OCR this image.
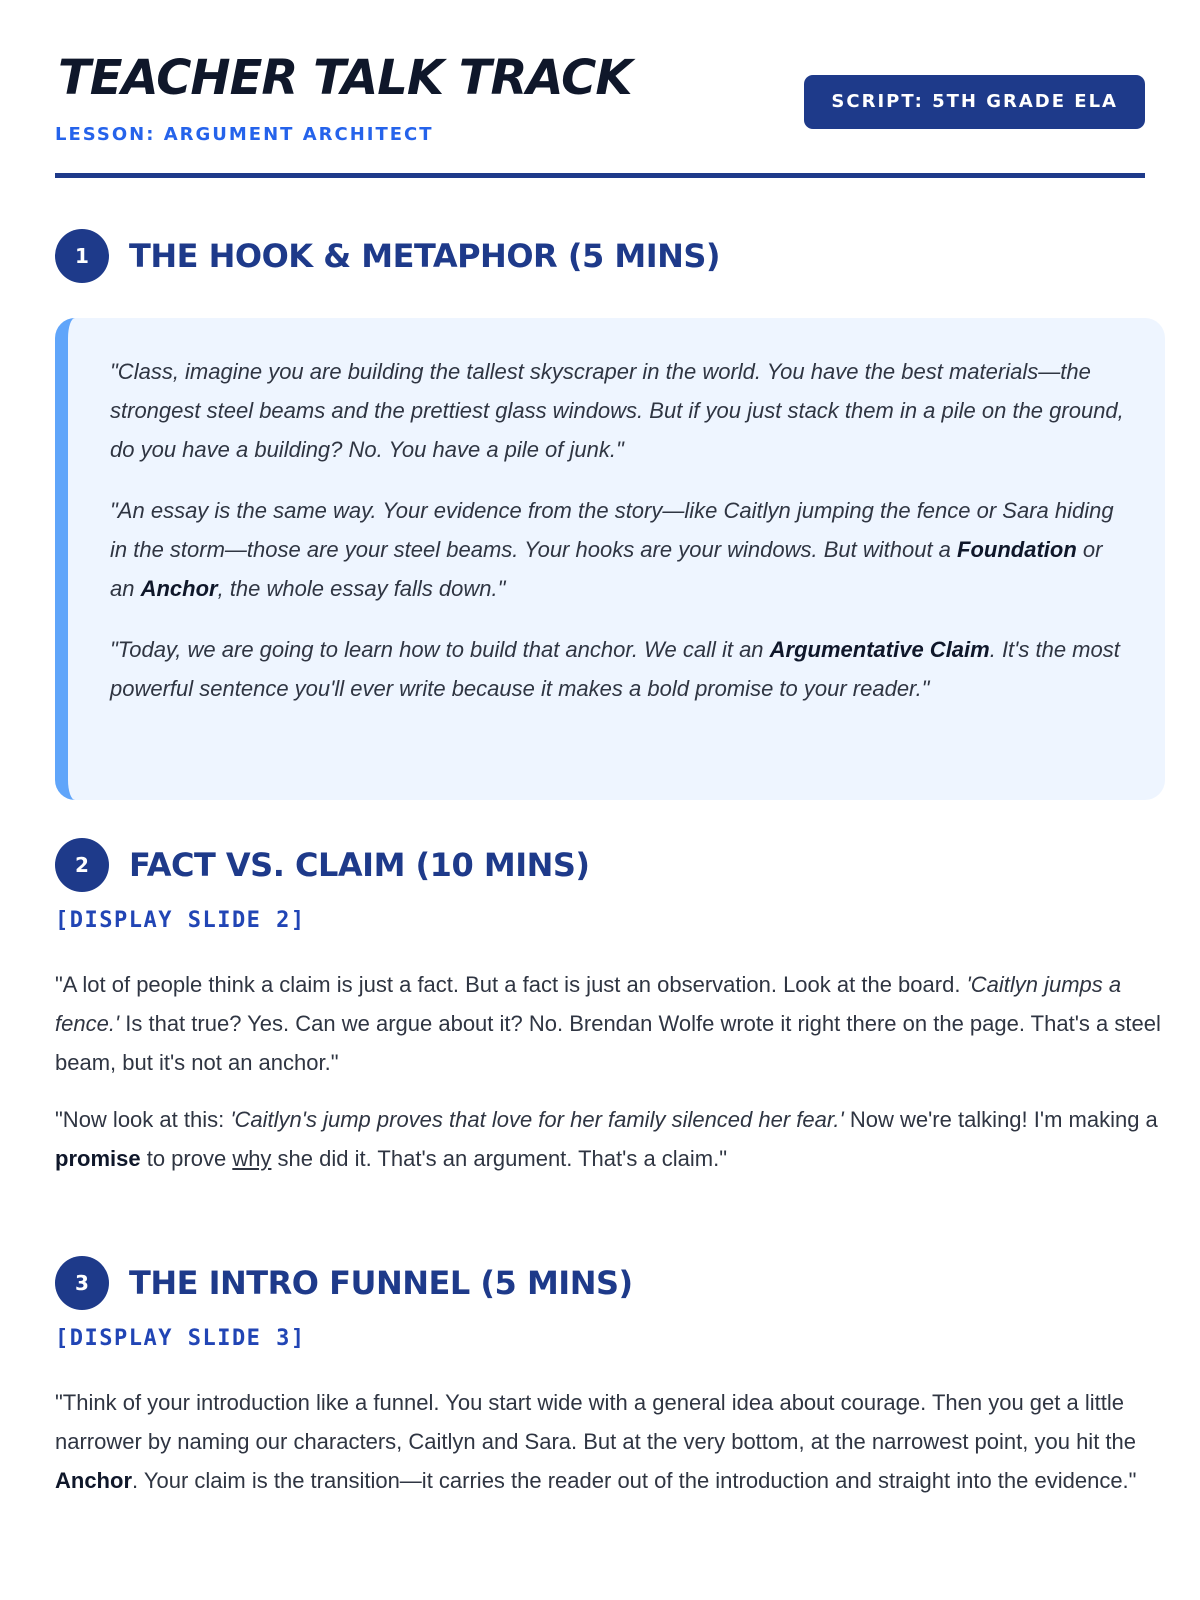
TEACHER TALK TRACK
LESSON: ARGUMENT ARCHITECT
SCRIPT: 5TH GRADE ELA
1	THE HOOK & METAPHOR (5 MINS)

"Class, imagine you are building the tallest skyscraper in the world. You have the best materials—the strongest steel beams and the prettiest glass windows. But if you just stack them in a pile on the ground, do you have a building? No. You have a pile of junk."

"An essay is the same way. Your evidence from the story—like Caitlyn jumping the fence or Sara hiding in the storm—those are your steel beams. Your hooks are your windows. But without a Foundation or an Anchor, the whole essay falls down."

"Today, we are going to learn how to build that anchor. We call it an Argumentative Claim. It's the most powerful sentence you'll ever write because it makes a bold promise to your reader."

2	FACT VS. CLAIM (10 MINS)
[DISPLAY SLIDE 2]

"A lot of people think a claim is just a fact. But a fact is just an observation. Look at the board. 'Caitlyn jumps a fence.' Is that true? Yes. Can we argue about it? No. Brendan Wolfe wrote it right there on the page. That's a steel beam, but it's not an anchor."

"Now look at this: 'Caitlyn's jump proves that love for her family silenced her fear.' Now we're talking! I'm making a promise to prove why she did it. That's an argument. That's a claim."

3	THE INTRO FUNNEL (5 MINS)
[DISPLAY SLIDE 3]

"Think of your introduction like a funnel. You start wide with a general idea about courage. Then you get a little narrower by naming our characters, Caitlyn and Sara. But at the very bottom, at the narrowest point, you hit the Anchor. Your claim is the transition—it carries the reader out of the introduction and straight into the evidence."
